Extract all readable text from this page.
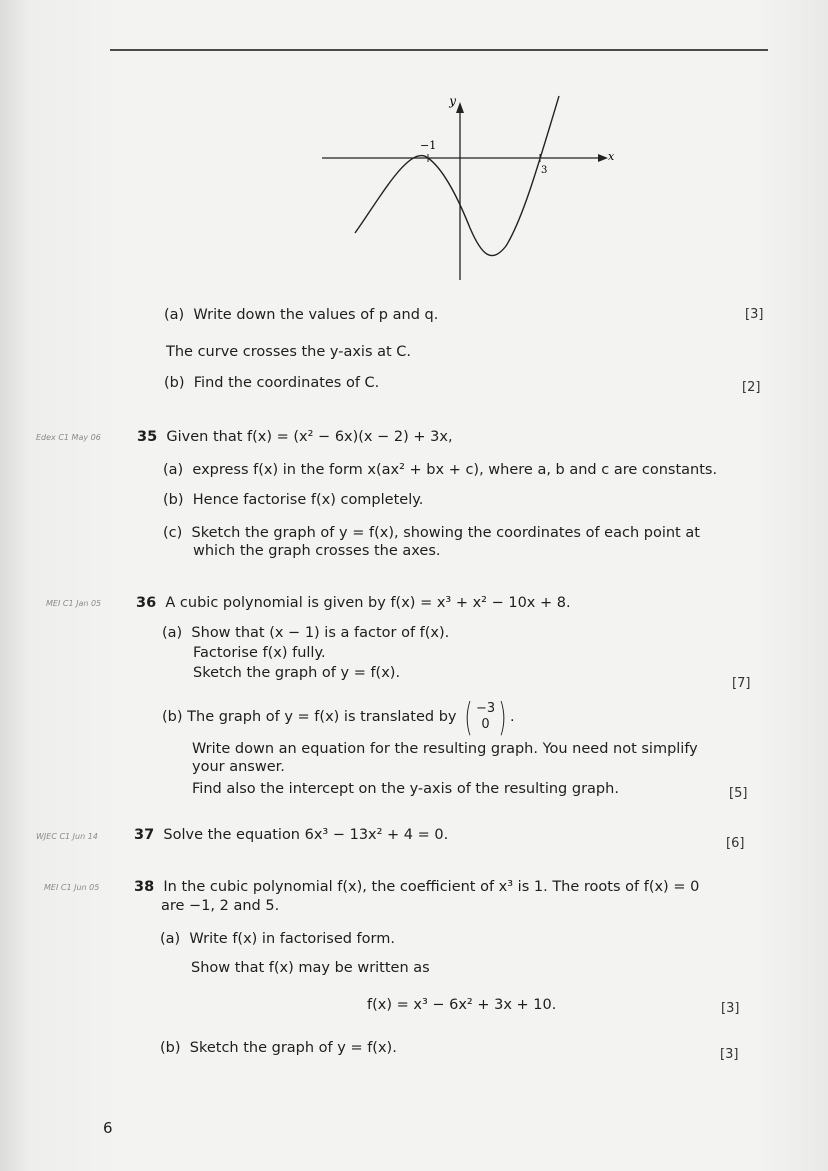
y
x
−1
3
(a) Write down the values of p and q.	[3]
The curve crosses the y-axis at C.
(b) Find the coordinates of C.	[2]
Edex C1 May 06 35 Given that f(x) = (x² − 6x)(x − 2) + 3x,
(a) express f(x) in the form x(ax² + bx + c), where a, b and c are constants.
(b) Hence factorise f(x) completely.
(c) Sketch the graph of y = f(x), showing the coordinates of each point at
which the graph crosses the axes.
MEI C1 Jan 05 36 A cubic polynomial is given by f(x) = x³ + x² − 10x + 8.
(a) Show that (x − 1) is a factor of f(x).
Factorise f(x) fully.
Sketch the graph of y = f(x).
[7]
(b)
The graph of y = f(x) is translated by
( −3
0 ) .
Write down an equation for the resulting graph. You need not simplify
your answer.
Find also the intercept on the y-axis of the resulting graph.	[5]
WJEC C1 Jun 14 37 Solve the equation 6x³ − 13x² + 4 = 0.
[6]
MEI C1 Jun 05 38 In the cubic polynomial f(x), the coefficient of x³ is 1. The roots of f(x) = 0
are −1, 2 and 5.
(a) Write f(x) in factorised form.
Show that f(x) may be written as
f(x) = x³ − 6x² + 3x + 10.	[3]
(b) Sketch the graph of y = f(x).	[3]
6
